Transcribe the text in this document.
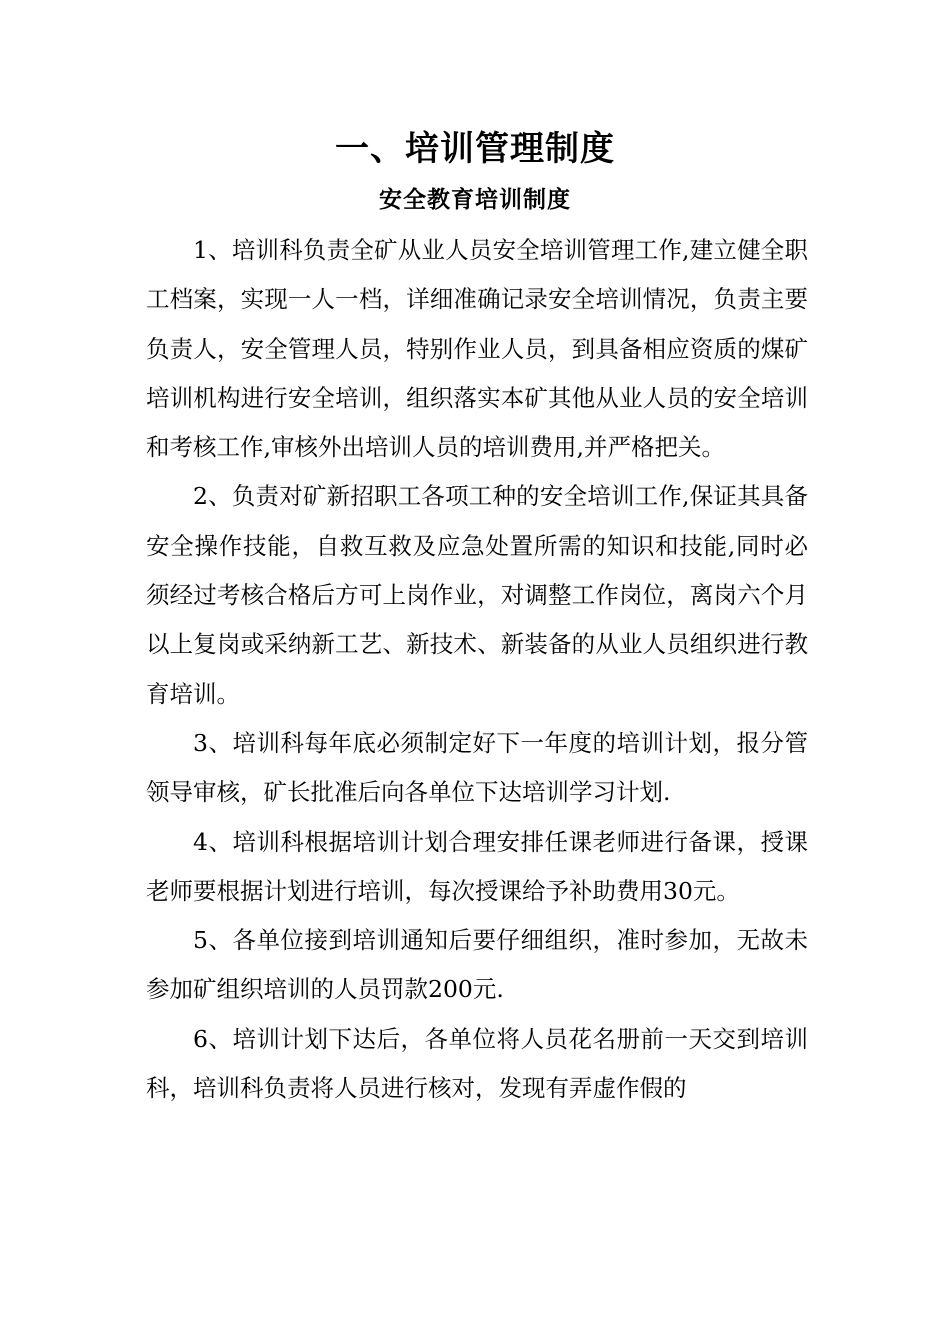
一、培训管理制度
安全教育培训制度

1、培训科负责全矿从业人员安全培训管理工作,建立健全职工档案，实现一人一档，详细准确记录安全培训情况，负责主要负责人，安全管理人员，特别作业人员，到具备相应资质的煤矿培训机构进行安全培训，组织落实本矿其他从业人员的安全培训和考核工作,审核外出培训人员的培训费用,并严格把关。

2、负责对矿新招职工各项工种的安全培训工作,保证其具备安全操作技能，自救互救及应急处置所需的知识和技能,同时必须经过考核合格后方可上岗作业，对调整工作岗位，离岗六个月以上复岗或采纳新工艺、新技术、新装备的从业人员组织进行教育培训。

3、培训科每年底必须制定好下一年度的培训计划，报分管领导审核，矿长批准后向各单位下达培训学习计划.

4、培训科根据培训计划合理安排任课老师进行备课，授课老师要根据计划进行培训，每次授课给予补助费用30元。

5、各单位接到培训通知后要仔细组织，准时参加，无故未参加矿组织培训的人员罚款200元.

6、培训计划下达后，各单位将人员花名册前一天交到培训科，培训科负责将人员进行核对，发现有弄虚作假的
